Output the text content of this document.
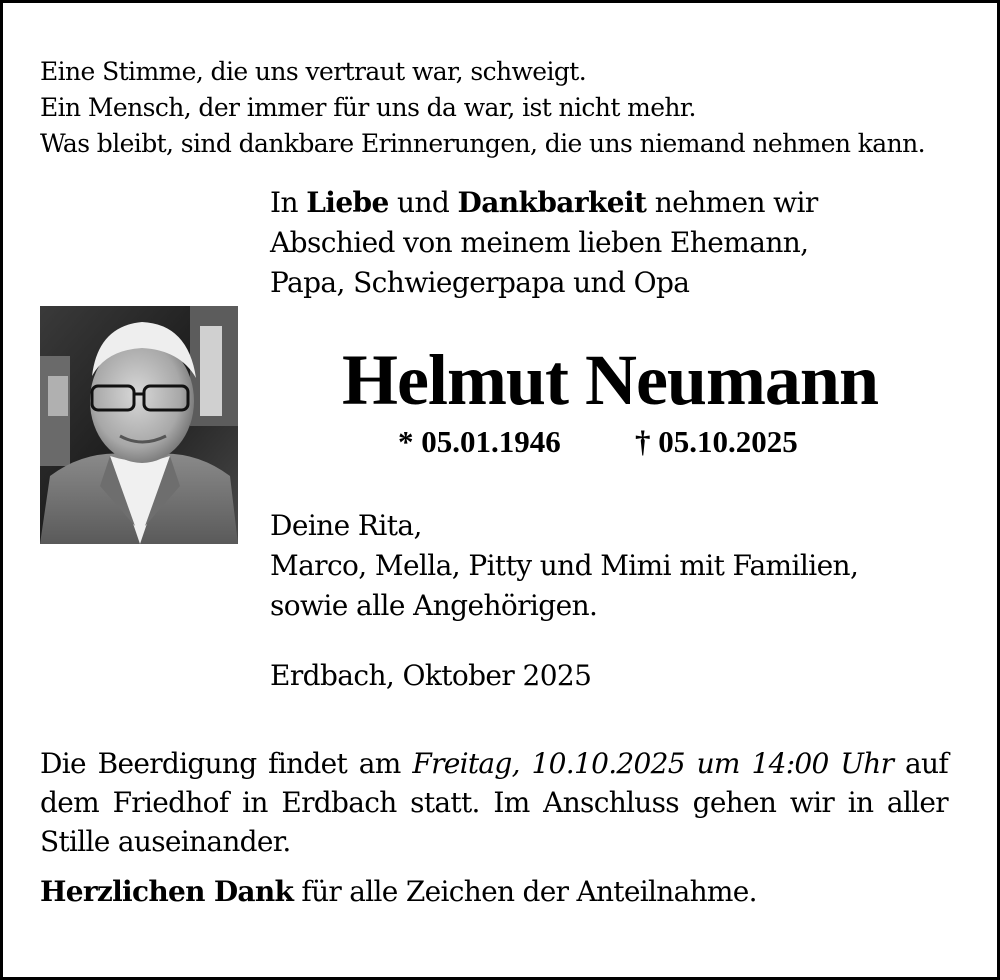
Eine Stimme, die uns vertraut war, schweigt.
Ein Mensch, der immer für uns da war, ist nicht mehr.
Was bleibt, sind dankbare Erinnerungen, die uns niemand nehmen kann.
In Liebe und Dankbarkeit nehmen wir
Abschied von meinem lieben Ehemann,
Papa, Schwiegerpapa und Opa
Helmut Neumann
* 05.01.1946 † 05.10.2025
Deine Rita,
Marco, Mella, Pitty und Mimi mit Familien,
sowie alle Angehörigen.
Erdbach, Oktober 2025
Die Beerdigung findet am Freitag, 10.10.2025 um 14:00 Uhr auf dem Friedhof in Erdbach statt. Im Anschluss gehen wir in aller Stille auseinander.
Herzlichen Dank für alle Zeichen der Anteilnahme.
